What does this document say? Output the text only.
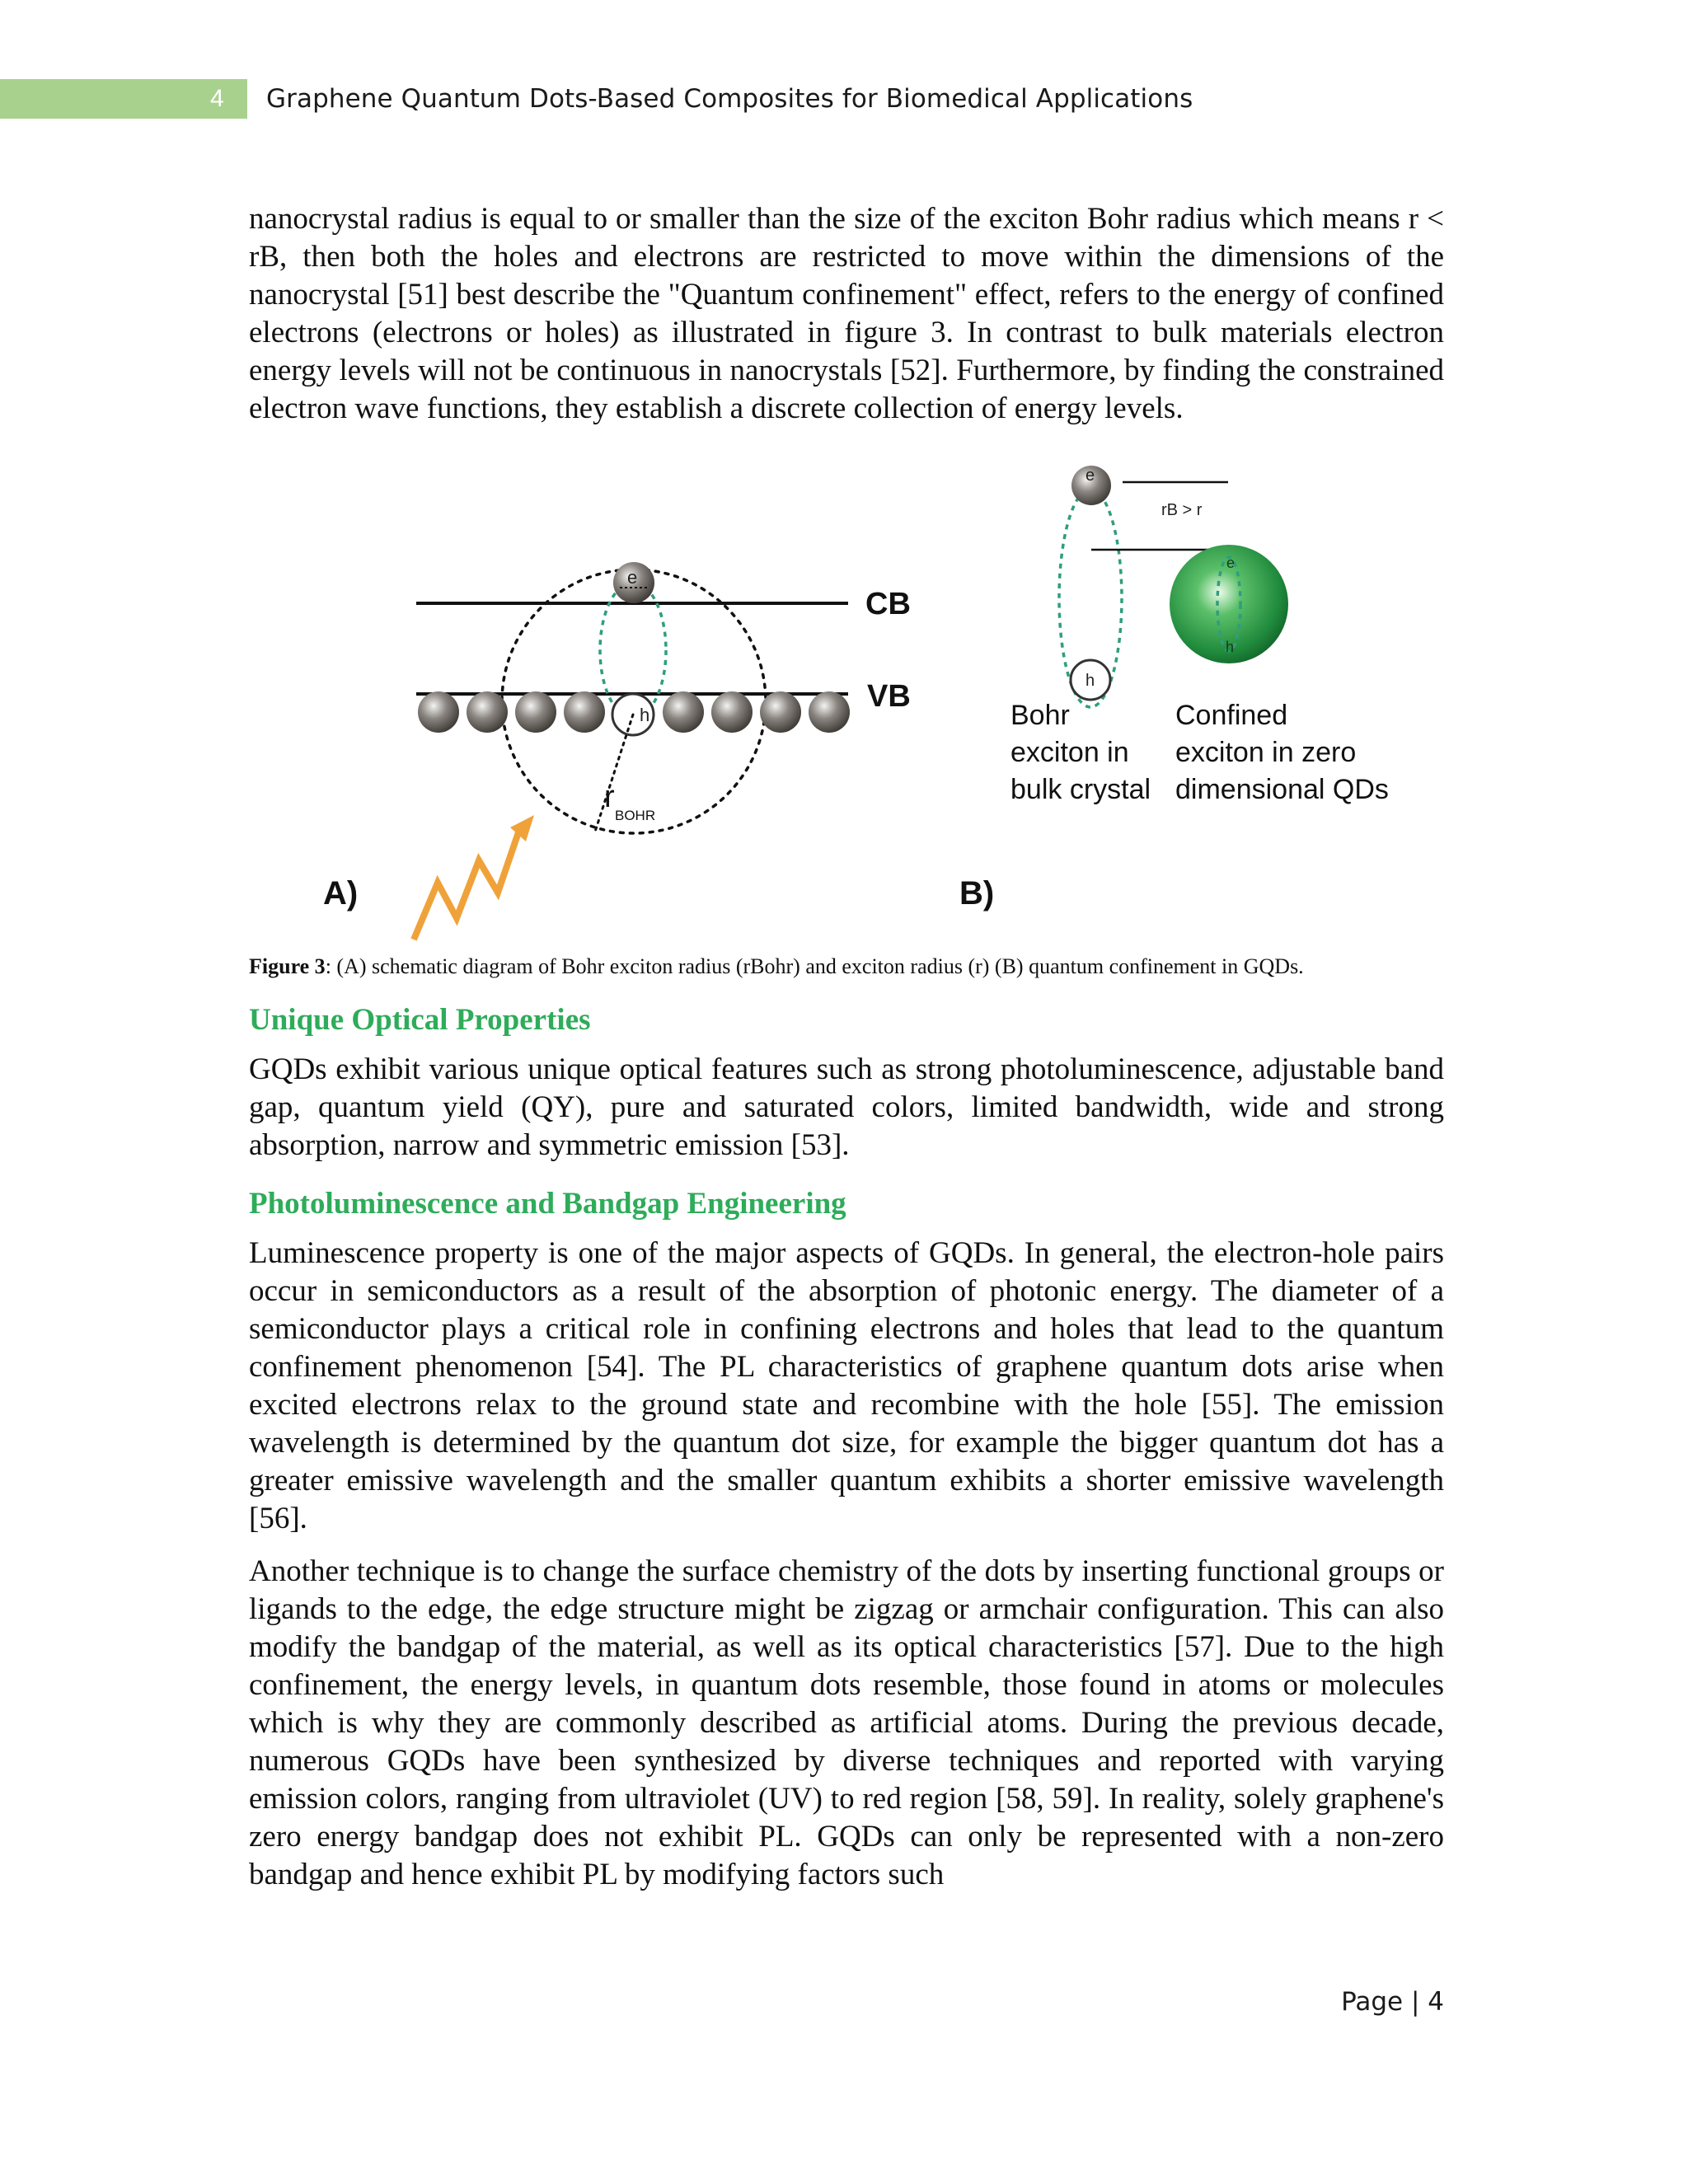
4	Graphene Quantum Dots-Based Composites for Biomedical Applications

nanocrystal radius is equal to or smaller than the size of the exciton Bohr radius which means r < rB, then both the holes and electrons are restricted to move within the dimensions of the nanocrystal [51] best describe the "Quantum confinement" effect, refers to the energy of confined electrons (electrons or holes) as illustrated in figure 3. In contrast to bulk materials electron energy levels will not be continuous in nanocrystals [52]. Furthermore, by finding the constrained electron wave functions, they establish a discrete collection of energy levels.

CB
VB
e
h
r
BOHR
A)
e
h
rB > r
e
h
Bohr exciton in bulk crystal
Confined exciton in zero dimensional QDs
B)

Figure 3: (A) schematic diagram of Bohr exciton radius (rBohr) and exciton radius (r) (B) quantum confinement in GQDs.

Unique Optical Properties

GQDs exhibit various unique optical features such as strong photoluminescence, adjustable band gap, quantum yield (QY), pure and saturated colors, limited bandwidth, wide and strong absorption, narrow and symmetric emission [53].

Photoluminescence and Bandgap Engineering

Luminescence property is one of the major aspects of GQDs. In general, the electron-hole pairs occur in semiconductors as a result of the absorption of photonic energy. The diameter of a semiconductor plays a critical role in confining electrons and holes that lead to the quantum confinement phenomenon [54]. The PL characteristics of graphene quantum dots arise when excited electrons relax to the ground state and recombine with the hole [55]. The emission wavelength is determined by the quantum dot size, for example the bigger quantum dot has a greater emissive wavelength and the smaller quantum exhibits a shorter emissive wavelength [56].

Another technique is to change the surface chemistry of the dots by inserting functional groups or ligands to the edge, the edge structure might be zigzag or armchair configuration. This can also modify the bandgap of the material, as well as its optical characteristics [57]. Due to the high confinement, the energy levels, in quantum dots resemble, those found in atoms or molecules which is why they are commonly described as artificial atoms. During the previous decade, numerous GQDs have been synthesized by diverse techniques and reported with varying emission colors, ranging from ultraviolet (UV) to red region [58, 59]. In reality, solely graphene's zero energy bandgap does not exhibit PL. GQDs can only be represented with a non-zero bandgap and hence exhibit PL by modifying factors such

Page | 4
